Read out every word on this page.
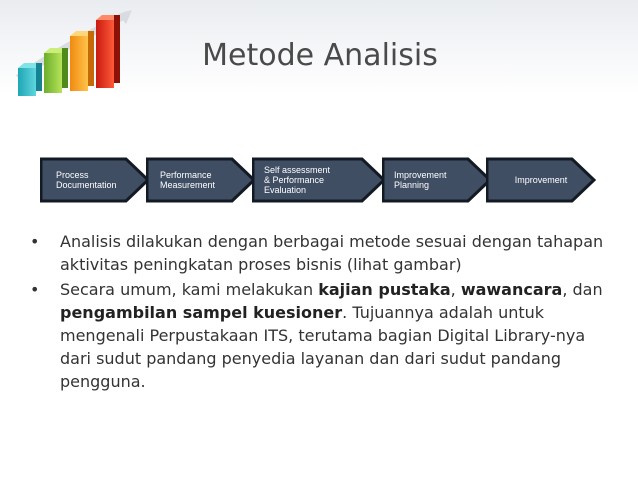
Metode Analisis
Process
Documentation
Performance
Measurement
Self assessment
& Performance
Evaluation
Improvement
Planning	Improvement
• Analisis dilakukan dengan berbagai metode sesuai dengan tahapan aktivitas peningkatan proses bisnis (lihat gambar)
• Secara umum, kami melakukan kajian pustaka, wawancara, dan pengambilan sampel kuesioner. Tujuannya adalah untuk mengenali Perpustakaan ITS, terutama bagian Digital Library-nya dari sudut pandang penyedia layanan dan dari sudut pandang pengguna.
